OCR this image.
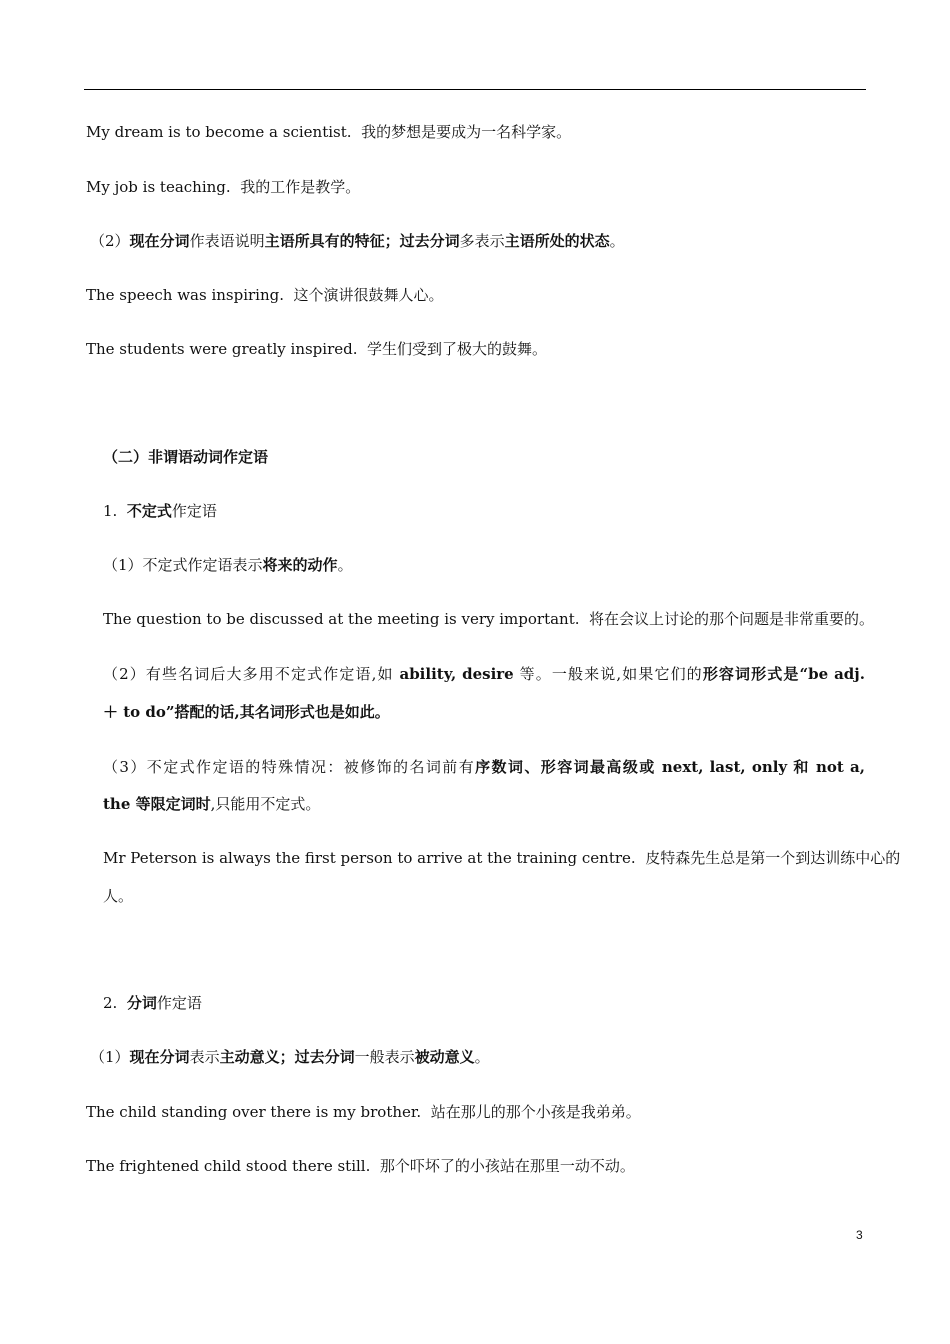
My dream is to become a scientist. 我的梦想是要成为一名科学家。
My job is teaching. 我的工作是教学。
（2）现在分词作表语说明主语所具有的特征；过去分词多表示主语所处的状态。
The speech was inspiring. 这个演讲很鼓舞人心。
The students were greatly inspired. 学生们受到了极大的鼓舞。
（二）非谓语动词作定语
1. 不定式作定语
（1）不定式作定语表示将来的动作。
The question to be discussed at the meeting is very important. 将在会议上讨论的那个问题是非常重要的。
（2）有些名词后大多用不定式作定语,如 ability, desire 等。一般来说,如果它们的形容词形式是“be adj.
＋ to do”搭配的话,其名词形式也是如此。
（3）不定式作定语的特殊情况：被修饰的名词前有序数词、形容词最高级或 next, last, only 和 not a,
the 等限定词时,只能用不定式。
Mr Peterson is always the first person to arrive at the training centre. 皮特森先生总是第一个到达训练中心的
人。
2. 分词作定语
（1）现在分词表示主动意义；过去分词一般表示被动意义。
The child standing over there is my brother. 站在那儿的那个小孩是我弟弟。
The frightened child stood there still. 那个吓坏了的小孩站在那里一动不动。
3
